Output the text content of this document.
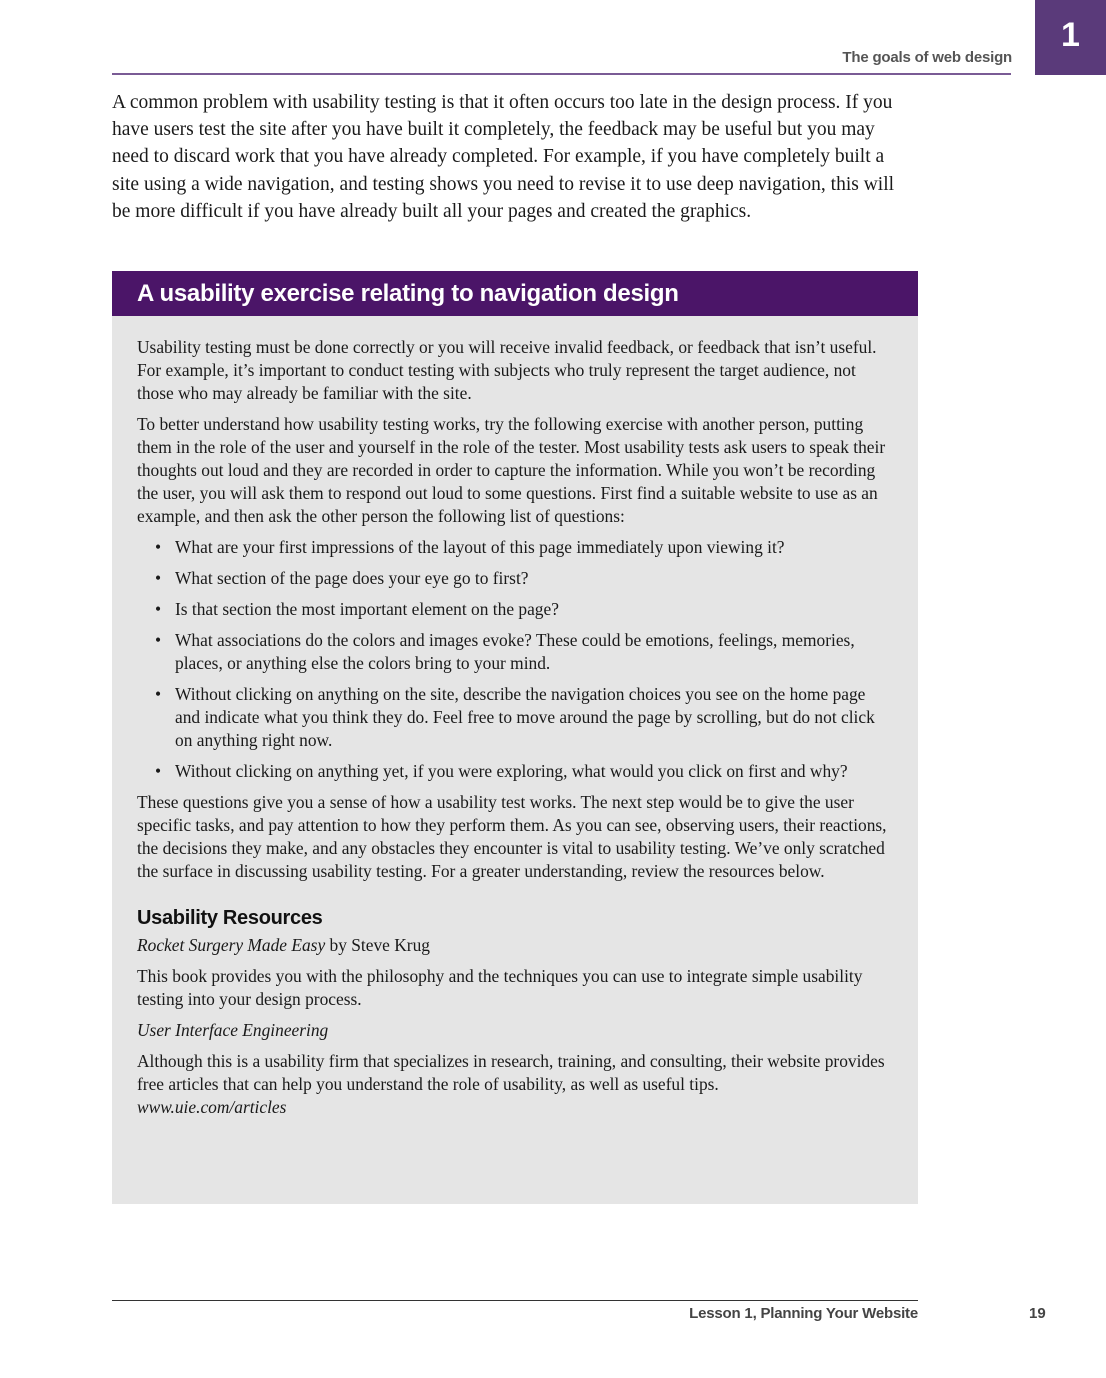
The goals of web design
1

A common problem with usability testing is that it often occurs too late in the design process. If you have users test the site after you have built it completely, the feedback may be useful but you may need to discard work that you have already completed. For example, if you have completely built a site using a wide navigation, and testing shows you need to revise it to use deep navigation, this will be more difficult if you have already built all your pages and created the graphics.

A usability exercise relating to navigation design

Usability testing must be done correctly or you will receive invalid feedback, or feedback that isn’t useful. For example, it’s important to conduct testing with subjects who truly represent the target audience, not those who may already be familiar with the site.

To better understand how usability testing works, try the following exercise with another person, putting them in the role of the user and yourself in the role of the tester. Most usability tests ask users to speak their thoughts out loud and they are recorded in order to capture the information. While you won’t be recording the user, you will ask them to respond out loud to some questions. First find a suitable website to use as an example, and then ask the other person the following list of questions:

• What are your first impressions of the layout of this page immediately upon viewing it?
• What section of the page does your eye go to first?
• Is that section the most important element on the page?
• What associations do the colors and images evoke? These could be emotions, feelings, memories, places, or anything else the colors bring to your mind.
• Without clicking on anything on the site, describe the navigation choices you see on the home page and indicate what you think they do. Feel free to move around the page by scrolling, but do not click on anything right now.
• Without clicking on anything yet, if you were exploring, what would you click on first and why?

These questions give you a sense of how a usability test works. The next step would be to give the user specific tasks, and pay attention to how they perform them. As you can see, observing users, their reactions, the decisions they make, and any obstacles they encounter is vital to usability testing. We’ve only scratched the surface in discussing usability testing. For a greater understanding, review the resources below.

Usability Resources

Rocket Surgery Made Easy by Steve Krug

This book provides you with the philosophy and the techniques you can use to integrate simple usability testing into your design process.

User Interface Engineering

Although this is a usability firm that specializes in research, training, and consulting, their website provides free articles that can help you understand the role of usability, as well as useful tips.

www.uie.com/articles

Lesson 1, Planning Your Website	19
